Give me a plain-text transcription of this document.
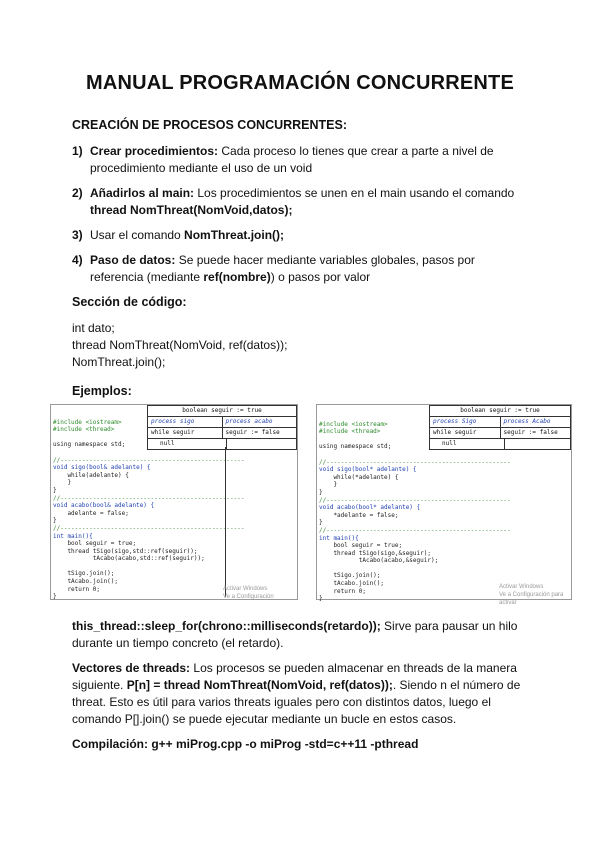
MANUAL PROGRAMACIÓN CONCURRENTE
CREACIÓN DE PROCESOS CONCURRENTES:
1) Crear procedimientos: Cada proceso lo tienes que crear a parte a nivel de procedimiento mediante el uso de un void
2) Añadirlos al main: Los procedimientos se unen en el main usando el comando thread NomThreat(NomVoid,datos);
3) Usar el comando NomThreat.join();
4) Paso de datos: Se puede hacer mediante variables globales, pasos por referencia (mediante ref(nombre)) o pasos por valor
Sección de código:
int dato;
thread NomThreat(NomVoid, ref(datos));
NomThreat.join();
Ejemplos:

#include <iostream>
#include <thread>

using namespace std;

//---------------------------------------------------
void sigo(bool& adelante) {
while(adelante) {
}
}
//---------------------------------------------------
void acabo(bool& adelante) {
adelante = false;
}
//---------------------------------------------------
int main(){
bool seguir = true;
thread tSigo(sigo,std::ref(seguir));
tAcabo(acabo,std::ref(seguir));

tSigo.join();
tAcabo.join();
return 0;
}
boolean seguir := true
process sigo	process acabo
while seguir	seguir := false
null
Activar Windows
Ve a Configuración

#include <iostream>
#include <thread>

using namespace std;

//---------------------------------------------------
void sigo(bool* adelante) {
while(*adelante) {
}
}
//---------------------------------------------------
void acabo(bool* adelante) {
*adelante = false;
}
//---------------------------------------------------
int main(){
bool seguir = true;
thread tSigo(sigo,&seguir);
tAcabo(acabo,&seguir);

tSigo.join();
tAcabo.join();
return 0;
}
boolean seguir := true
process Sigo	process Acabo
while seguir	seguir := false
null
Activar Windows
Ve a Configuración para activar
this_thread::sleep_for(chrono::milliseconds(retardo)); Sirve para pausar un hilo durante un tiempo concreto (el retardo).
Vectores de threads: Los procesos se pueden almacenar en threads de la manera siguiente. P[n] = thread NomThreat(NomVoid, ref(datos));. Siendo n el número de threat. Esto es útil para varios threats iguales pero con distintos datos, luego el comando P[].join() se puede ejecutar mediante un bucle en estos casos.
Compilación: g++ miProg.cpp -o miProg -std=c++11 -pthread
